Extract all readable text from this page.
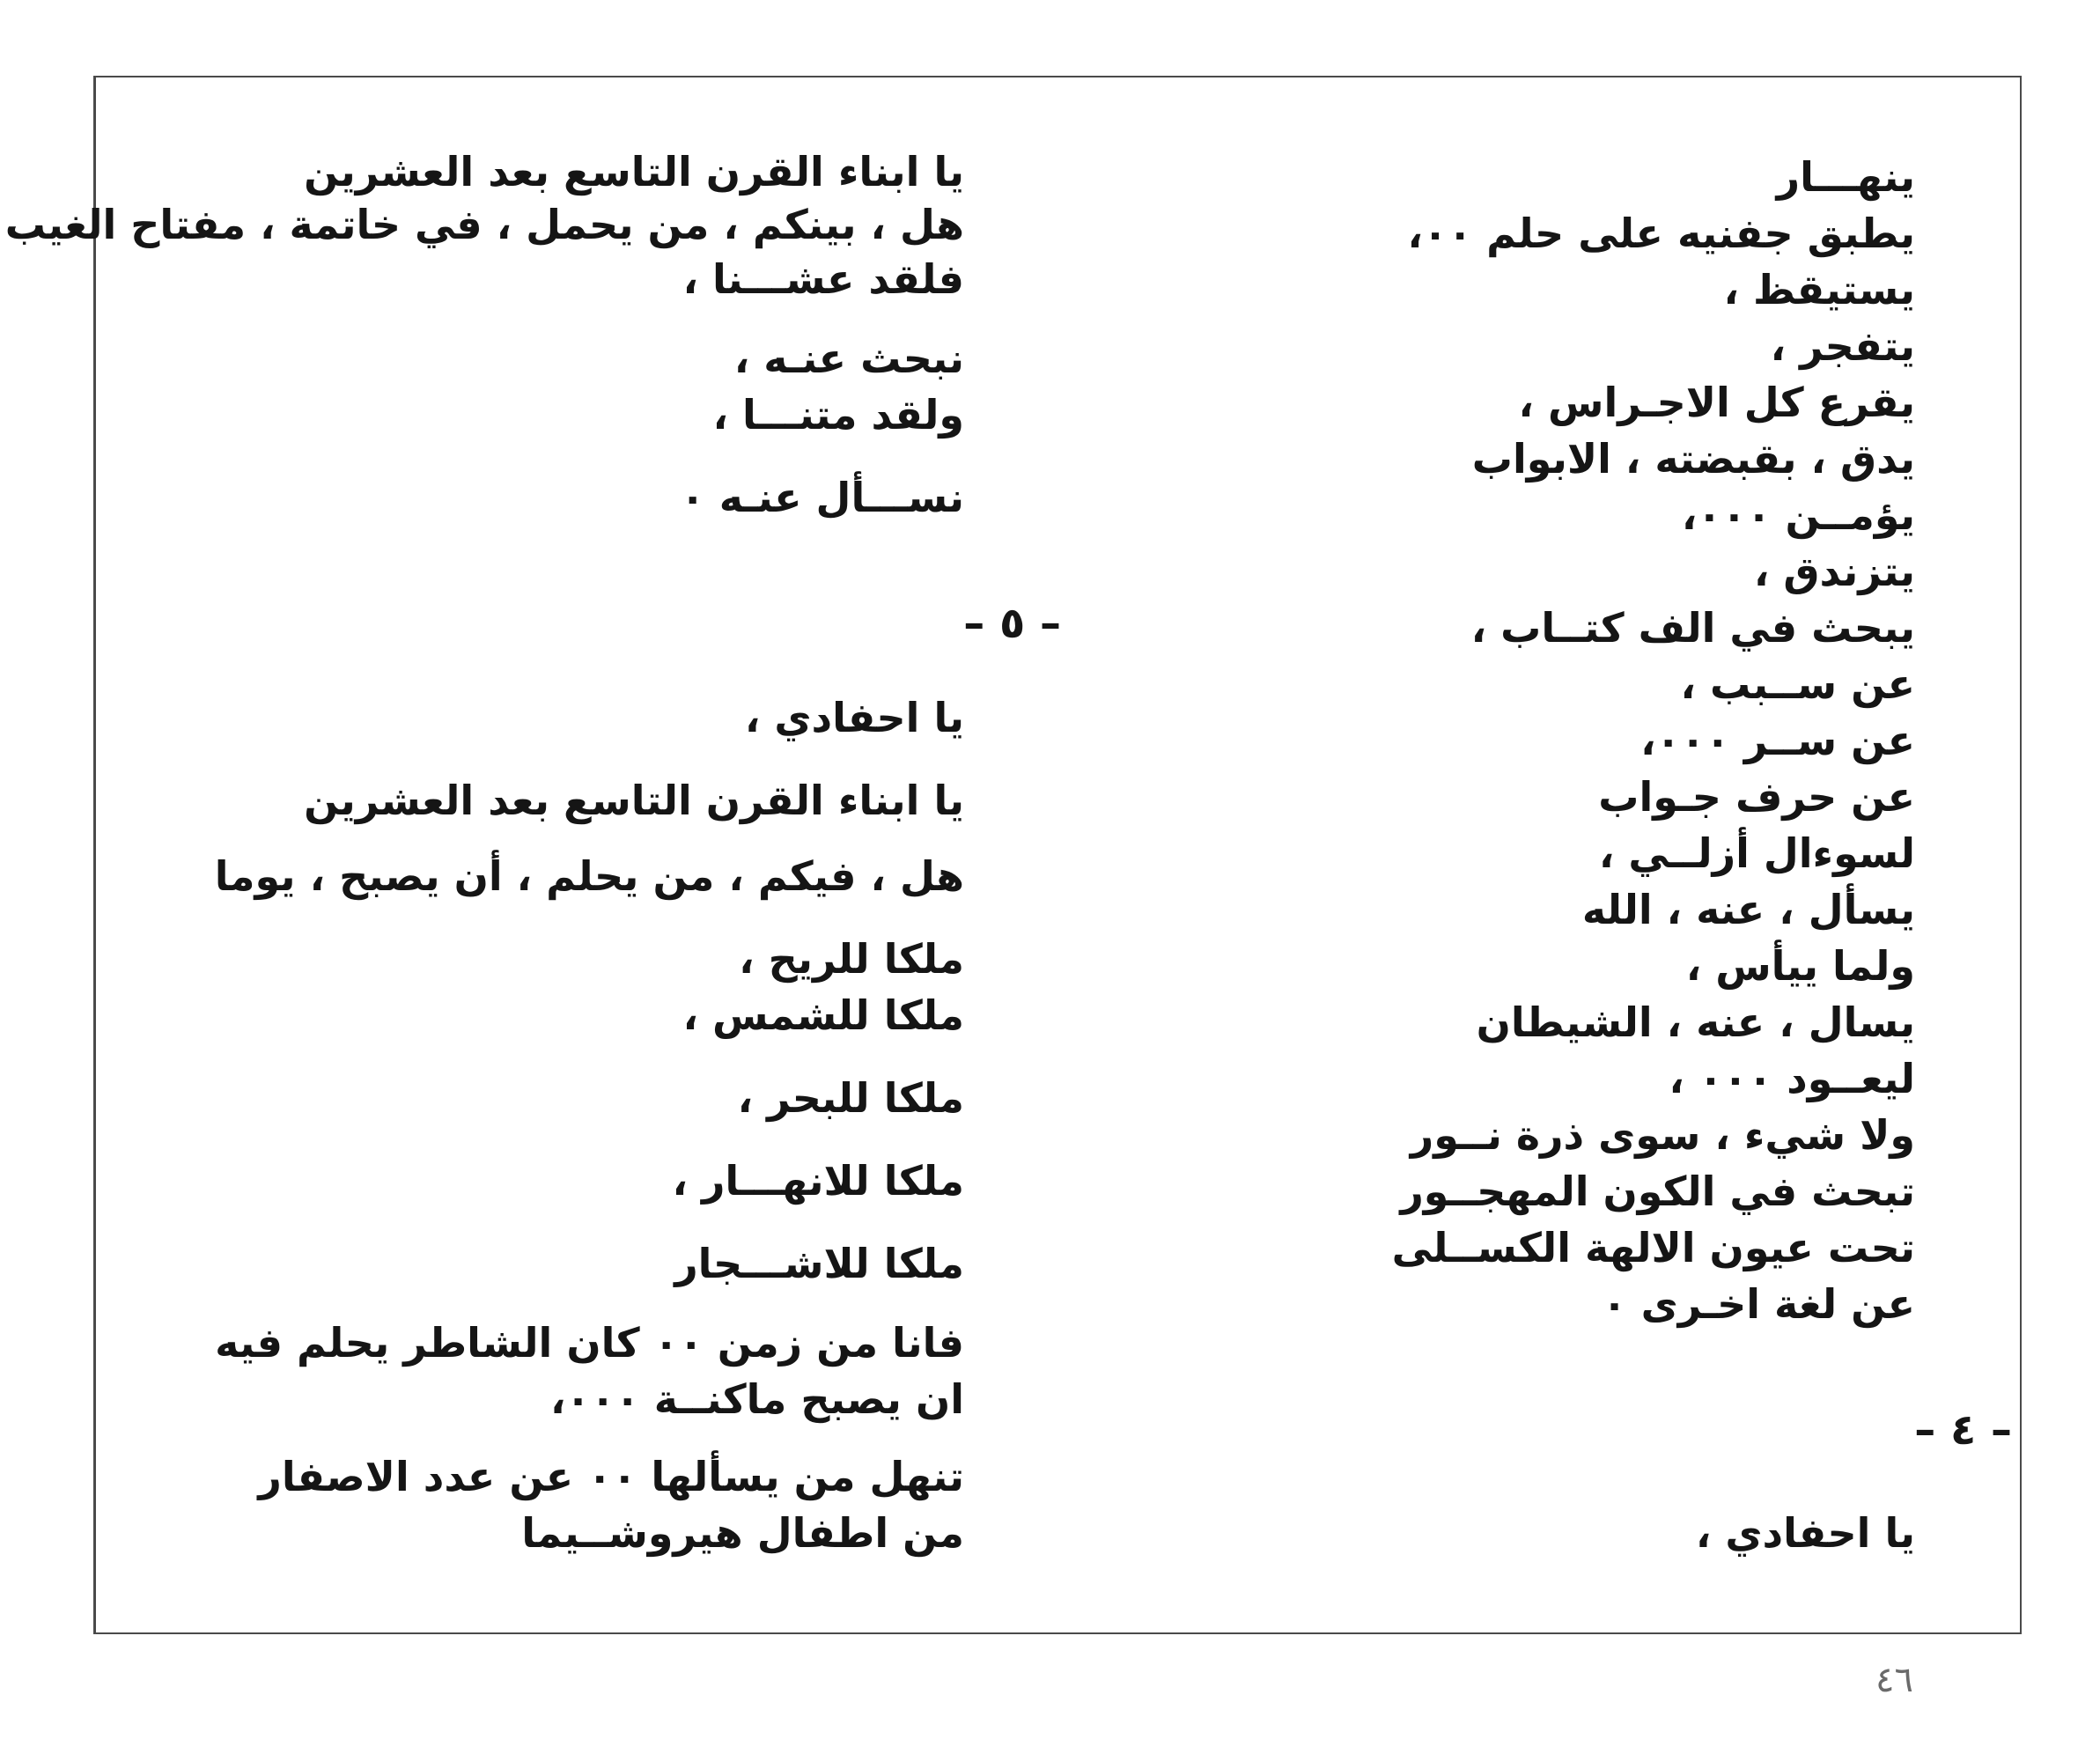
ينهـــار
يطبق جفنيه على حلم ٠٠،
يستيقظ ،
يتفجر ،
يقرع كل الاجـراس ،
يدق ، بقبضته ، الابواب
يؤمــن ٠٠٠،
يتزندق ،
يبحث في الف كتــاب ،
عن ســبب ،
عن ســر ٠٠٠،
عن حرف جـواب
لسوءال أزلــي ،
يسأل ، عنه ، الله
ولما ييأس ،
يسال ، عنه ، الشيطان
ليعــود ٠٠٠ ،
ولا شيء ، سوى ذرة نــور
تبحث في الكون المهجــور
تحت عيون الالهة الكســلى
عن لغة اخـرى ٠
– ٤ –
يا احفادي ،
يا ابناء القرن التاسع بعد العشرين
هل ، بينكم ، من يحمل ، في خاتمة ، مفتاح الغيب
فلقد عشـــنا ،
نبحث عنـه ،
ولقد متنـــا ،
نســـأل عنـه ٠
– ٥ –
يا احفادي ،
يا ابناء القرن التاسع بعد العشرين
هل ، فيكم ، من يحلم ، أن يصبح ، يوما
ملكا للريح ،
ملكا للشمس ،
ملكا للبحر ،
ملكا للانهـــار ،
ملكا للاشـــجار
فانا من زمن ٠٠ كان الشاطر يحلم فيه
ان يصبح ماكنــة ٠٠٠،
تنهل من يسألها ٠٠ عن عدد الاصفار
من اطفال هيروشــيما
٤٦
